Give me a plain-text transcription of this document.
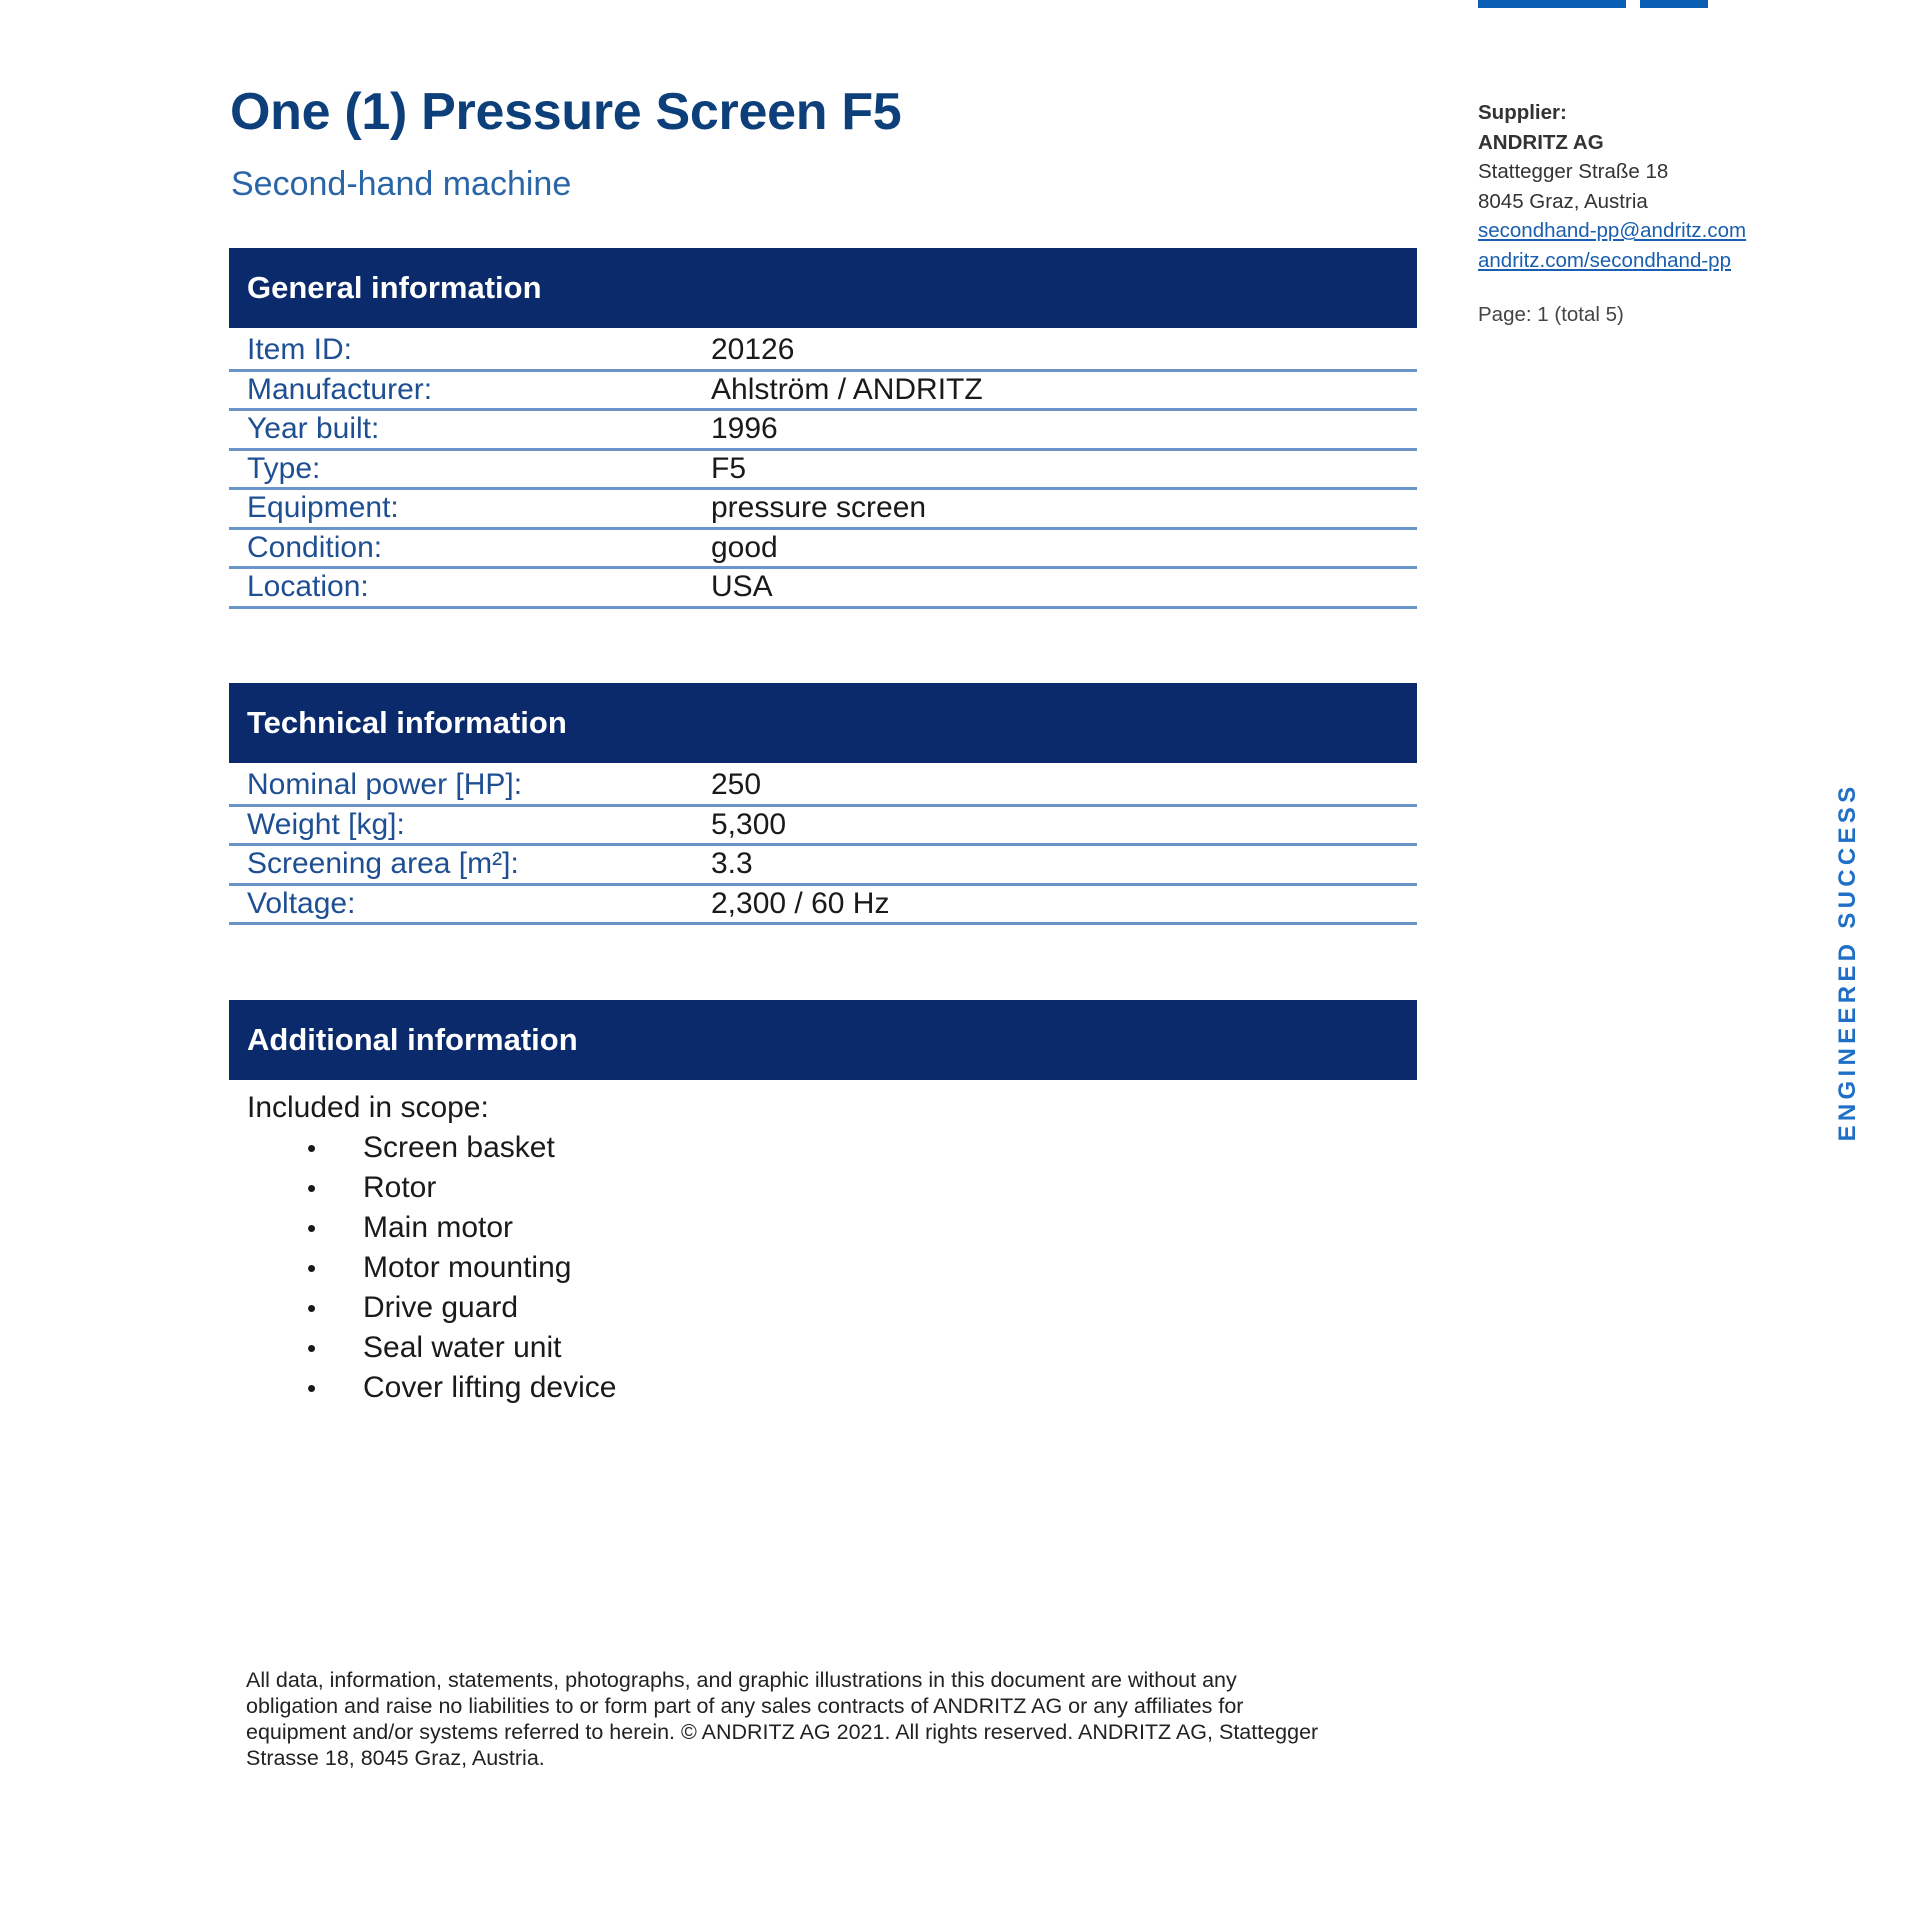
One (1) Pressure Screen F5
Second-hand machine
General information
Item ID:	20126
Manufacturer:	Ahlström / ANDRITZ
Year built:	1996
Type:	F5
Equipment:	pressure screen
Condition:	good
Location:	USA
Technical information
Nominal power [HP]:	250
Weight [kg]:	5,300
Screening area [m²]:	3.3
Voltage:	2,300 / 60 Hz
Additional information
Included in scope:
• Screen basket
• Rotor
• Main motor
• Motor mounting
• Drive guard
• Seal water unit
• Cover lifting device
All data, information, statements, photographs, and graphic illustrations in this document are without any obligation and raise no liabilities to or form part of any sales contracts of ANDRITZ AG or any affiliates for equipment and/or systems referred to herein. © ANDRITZ AG 2021. All rights reserved. ANDRITZ AG, Stattegger Strasse 18, 8045 Graz, Austria.
Supplier:
ANDRITZ AG
Stattegger Straße 18
8045 Graz, Austria
secondhand-pp@andritz.com
andritz.com/secondhand-pp
Page: 1 (total 5)
ENGINEERED SUCCESS
